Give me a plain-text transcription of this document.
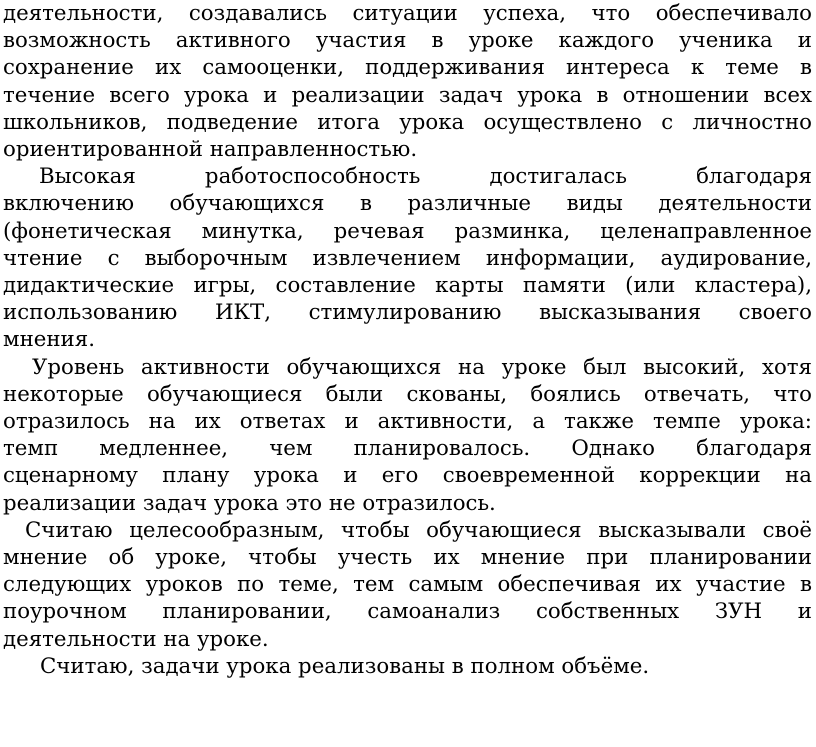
деятельности, создавались ситуации успеха, что обеспечивало
возможность активного участия в уроке каждого ученика и
сохранение их самооценки, поддерживания интереса к теме в
течение всего урока и реализации задач урока в отношении всех
школьников, подведение итога урока осуществлено с личностно
ориентированной направленностью.

Высокая работоспособность достигалась благодаря
включению обучающихся в различные виды деятельности
(фонетическая минутка, речевая разминка, целенаправленное
чтение с выборочным извлечением информации, аудирование,
дидактические игры, составление карты памяти (или кластера),
использованию ИКТ, стимулированию высказывания своего
мнения.

Уровень активности обучающихся на уроке был высокий, хотя
некоторые обучающиеся были скованы, боялись отвечать, что
отразилось на их ответах и активности, а также темпе урока:
темп медленнее, чем планировалось. Однако благодаря
сценарному плану урока и его своевременной коррекции на
реализации задач урока это не отразилось.

Считаю целесообразным, чтобы обучающиеся высказывали своё
мнение об уроке, чтобы учесть их мнение при планировании
следующих уроков по теме, тем самым обеспечивая их участие в
поурочном планировании, самоанализ собственных ЗУН и
деятельности на уроке.

Считаю, задачи урока реализованы в полном объёме.
